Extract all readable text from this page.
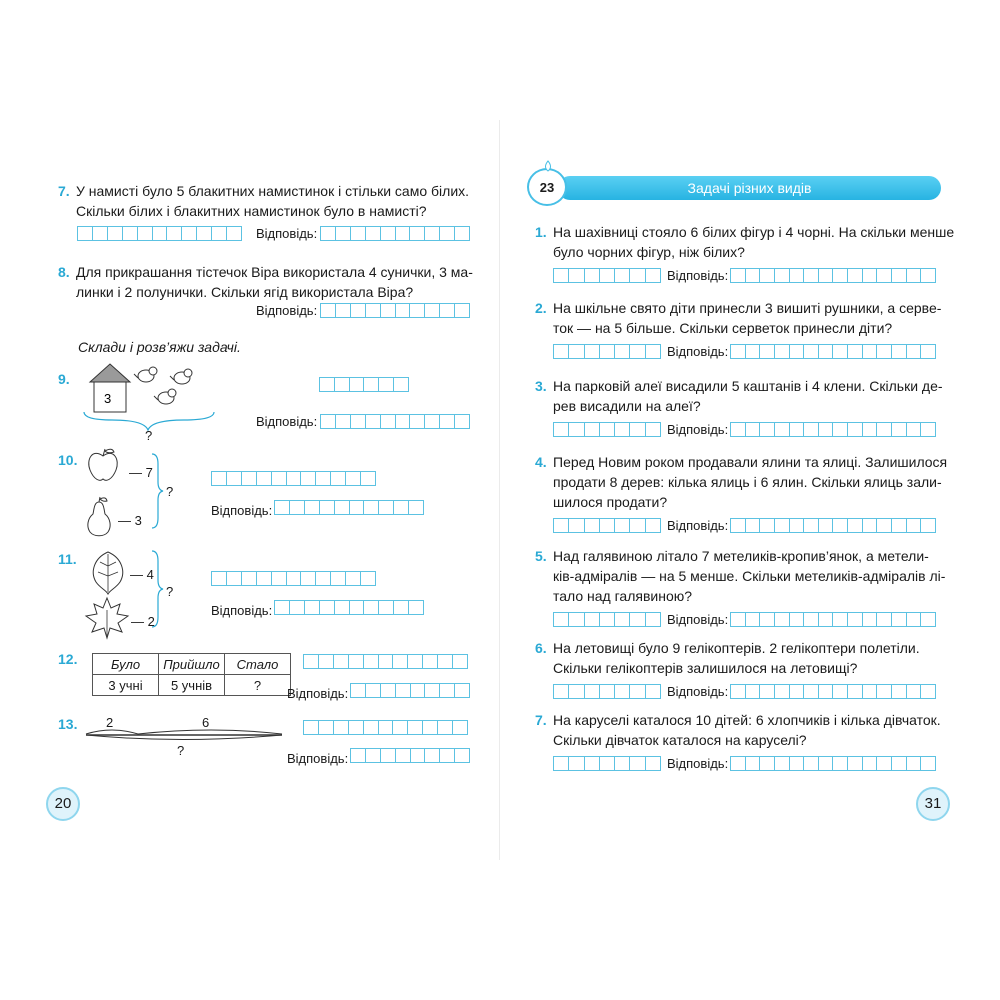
7. У намисті було 5 блакитних намистинок і стільки само білих.
Скільки білих і блакитних намистинок було в намисті?
Відповідь:
8. Для прикрашання тістечок Віра використала 4 сунички, 3 ма-
линки і 2 полунички. Скільки ягід використала Віра?
Відповідь:
Склади і розв’яжи задачі.
9.
3
?
Відповідь:
10.
— 7
— 3
?
Відповідь:
11.
— 4
— 2
?
Відповідь:
12.	Було	Прийшло	Стало
3 учні	5 учнів	?
Відповідь:
13. 2	6
?
Відповідь:
20
Задачі різних видів
23
1. На шахівниці стояло 6 білих фігур і 4 чорні. На скільки менше
було чорних фігур, ніж білих?
Відповідь:
2. На шкільне свято діти принесли 3 вишиті рушники, а серве-
ток — на 5 більше. Скільки серветок принесли діти?
Відповідь:
3. На парковій алеї висадили 5 каштанів і 4 клени. Скільки де-
рев висадили на алеї?
Відповідь:
4. Перед Новим роком продавали ялини та ялиці. Залишилося
продати 8 дерев: кілька ялиць і 6 ялин. Скільки ялиць зали-
шилося продати?
Відповідь:
5. Над галявиною літало 7 метеликів-кропив’янок, а метели-
ків-адміралів — на 5 менше. Скільки метеликів-адміралів лі-
тало над галявиною?
Відповідь:
6. На летовищі було 9 гелікоптерів. 2 гелікоптери полетіли.
Скільки гелікоптерів залишилося на летовищі?
Відповідь:
7. На каруселі каталося 10 дітей: 6 хлопчиків і кілька дівчаток.
Скільки дівчаток каталося на каруселі?
Відповідь:
31
